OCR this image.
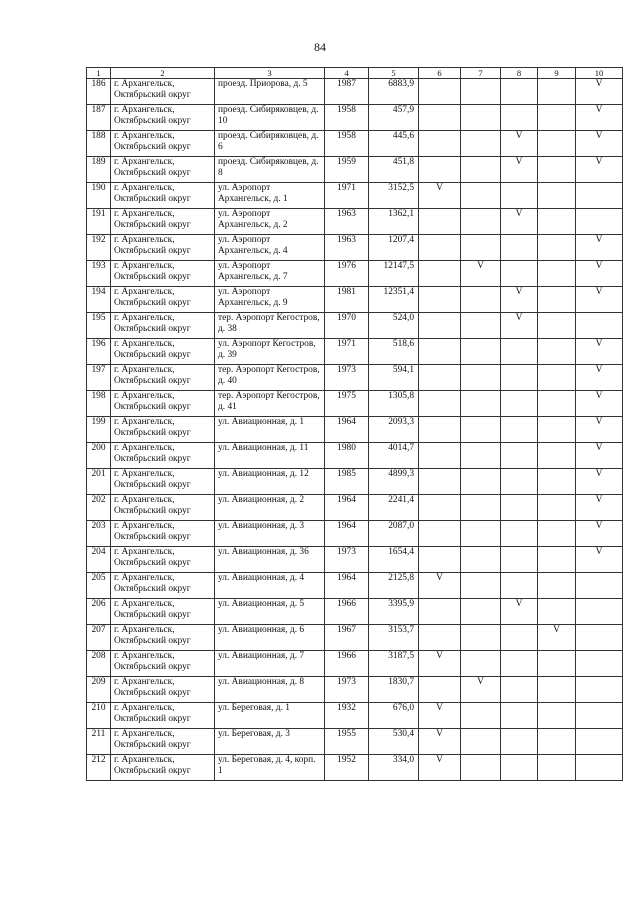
84
1	2	3	4	5	6	7	8	9	10
186	г. Архангельск, Октябрьский округ	проезд. Приорова, д. 5	1987	6883,9					V
187	г. Архангельск, Октябрьский округ	проезд. Сибиряковцев, д. 10	1958	457,9					V
188	г. Архангельск, Октябрьский округ	проезд. Сибиряковцев, д. 6	1958	445,6			V		V
189	г. Архангельск, Октябрьский округ	проезд. Сибиряковцев, д. 8	1959	451,8			V		V
190	г. Архангельск, Октябрьский округ	ул. Аэропорт Архангельск, д. 1	1971	3152,5	V				
191	г. Архангельск, Октябрьский округ	ул. Аэропорт Архангельск, д. 2	1963	1362,1			V		
192	г. Архангельск, Октябрьский округ	ул. Аэропорт Архангельск, д. 4	1963	1207,4					V
193	г. Архангельск, Октябрьский округ	ул. Аэропорт Архангельск, д. 7	1976	12147,5		V			V
194	г. Архангельск, Октябрьский округ	ул. Аэропорт Архангельск, д. 9	1981	12351,4			V		V
195	г. Архангельск, Октябрьский округ	тер. Аэропорт Кегостров, д. 38	1970	524,0			V		
196	г. Архангельск, Октябрьский округ	ул. Аэропорт Кегостров, д. 39	1971	518,6					V
197	г. Архангельск, Октябрьский округ	тер. Аэропорт Кегостров, д. 40	1973	594,1					V
198	г. Архангельск, Октябрьский округ	тер. Аэропорт Кегостров, д. 41	1975	1305,8					V
199	г. Архангельск, Октябрьский округ	ул. Авиационная, д. 1	1964	2093,3					V
200	г. Архангельск, Октябрьский округ	ул. Авиационная, д. 11	1980	4014,7					V
201	г. Архангельск, Октябрьский округ	ул. Авиационная, д. 12	1985	4899,3					V
202	г. Архангельск, Октябрьский округ	ул. Авиационная, д. 2	1964	2241,4					V
203	г. Архангельск, Октябрьский округ	ул. Авиационная, д. 3	1964	2087,0					V
204	г. Архангельск, Октябрьский округ	ул. Авиационная, д. 36	1973	1654,4					V
205	г. Архангельск, Октябрьский округ	ул. Авиационная, д. 4	1964	2125,8	V				
206	г. Архангельск, Октябрьский округ	ул. Авиационная, д. 5	1966	3395,9			V		
207	г. Архангельск, Октябрьский округ	ул. Авиационная, д. 6	1967	3153,7				V	
208	г. Архангельск, Октябрьский округ	ул. Авиационная, д. 7	1966	3187,5	V				
209	г. Архангельск, Октябрьский округ	ул. Авиационная, д. 8	1973	1830,7		V			
210	г. Архангельск, Октябрьский округ	ул. Береговая, д. 1	1932	676,0	V				
211	г. Архангельск, Октябрьский округ	ул. Береговая, д. 3	1955	530,4	V				
212	г. Архангельск, Октябрьский округ	ул. Береговая, д. 4, корп. 1	1952	334,0	V				
